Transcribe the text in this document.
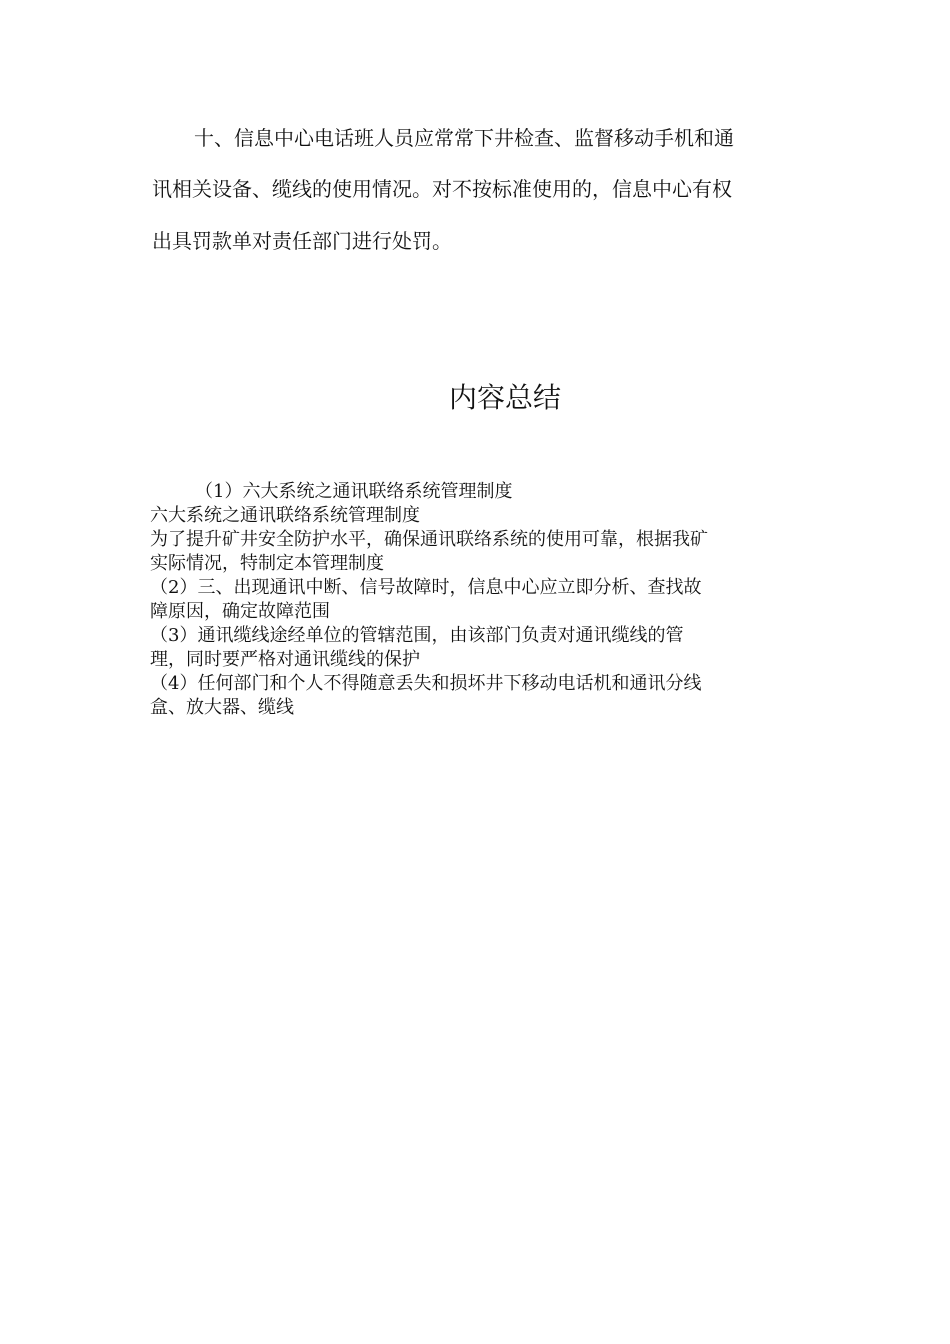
十、信息中心电话班人员应常常下井检查、监督移动手机和通
讯相关设备、缆线的使用情况。对不按标准使用的，信息中心有权
出具罚款单对责任部门进行处罚。
内容总结
（1）六大系统之通讯联络系统管理制度
六大系统之通讯联络系统管理制度
为了提升矿井安全防护水平，确保通讯联络系统的使用可靠，根据我矿
实际情况，特制定本管理制度
（2）三、出现通讯中断、信号故障时，信息中心应立即分析、查找故
障原因，确定故障范围
（3）通讯缆线途经单位的管辖范围，由该部门负责对通讯缆线的管
理，同时要严格对通讯缆线的保护
（4）任何部门和个人不得随意丢失和损坏井下移动电话机和通讯分线
盒、放大器、缆线
